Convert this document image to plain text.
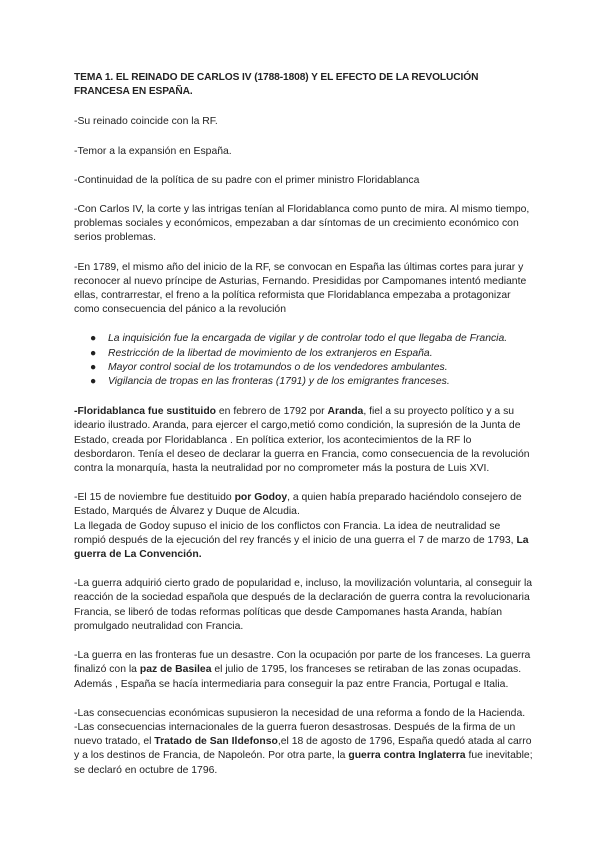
TEMA 1. EL REINADO DE CARLOS IV (1788-1808) Y EL EFECTO DE LA REVOLUCIÓN FRANCESA EN ESPAÑA.

-Su reinado coincide con la RF.

-Temor a la expansión en España.

-Continuidad de la política de su padre con el primer ministro Floridablanca

-Con Carlos IV, la corte y las intrigas tenían al Floridablanca como punto de mira. Al mismo tiempo, problemas sociales y económicos, empezaban a dar síntomas de un crecimiento económico con serios problemas.

-En 1789, el mismo año del inicio de la RF, se convocan en España las últimas cortes para jurar y reconocer al nuevo príncipe de Asturias, Fernando. Presididas por Campomanes intentó mediante ellas, contrarrestar, el freno a la política reformista que Floridablanca empezaba a protagonizar como consecuencia del pánico a la revolución

● La inquisición fue la encargada de vigilar y de controlar todo el que llegaba de Francia.
● Restricción de la libertad de movimiento de los extranjeros en España.
● Mayor control social de los trotamundos o de los vendedores ambulantes.
● Vigilancia de tropas en las fronteras (1791) y de los emigrantes franceses.

-Floridablanca fue sustituido en febrero de 1792 por Aranda, fiel a su proyecto político y a su ideario ilustrado. Aranda, para ejercer el cargo,metió como condición, la supresión de la Junta de Estado, creada por Floridablanca . En política exterior, los acontecimientos de la RF lo desbordaron. Tenía el deseo de declarar la guerra en Francia, como consecuencia de la revolución contra la monarquía, hasta la neutralidad por no comprometer más la postura de Luis XVI.

-El 15 de noviembre fue destituido por Godoy, a quien había preparado haciéndolo consejero de Estado, Marqués de Álvarez y Duque de Alcudia.

La llegada de Godoy supuso el inicio de los conflictos con Francia. La idea de neutralidad se rompió después de la ejecución del rey francés y el inicio de una guerra el 7 de marzo de 1793, La guerra de La Convención.

-La guerra adquirió cierto grado de popularidad e, incluso, la movilización voluntaria, al conseguir la reacción de la sociedad española que después de la declaración de guerra contra la revolucionaria Francia, se liberó de todas reformas políticas que desde Campomanes hasta Aranda, habían promulgado neutralidad con Francia.

-La guerra en las fronteras fue un desastre. Con la ocupación por parte de los franceses. La guerra finalizó con la paz de Basilea el julio de 1795, los franceses se retiraban de las zonas ocupadas. Además , España se hacía intermediaria para conseguir la paz entre Francia, Portugal e Italia.

-Las consecuencias económicas supusieron la necesidad de una reforma a fondo de la Hacienda.

-Las consecuencias internacionales de la guerra fueron desastrosas. Después de la firma de un nuevo tratado, el Tratado de San Ildefonso,el 18 de agosto de 1796, España quedó atada al carro y a los destinos de Francia, de Napoleón. Por otra parte, la guerra contra Inglaterra fue inevitable; se declaró en octubre de 1796.
